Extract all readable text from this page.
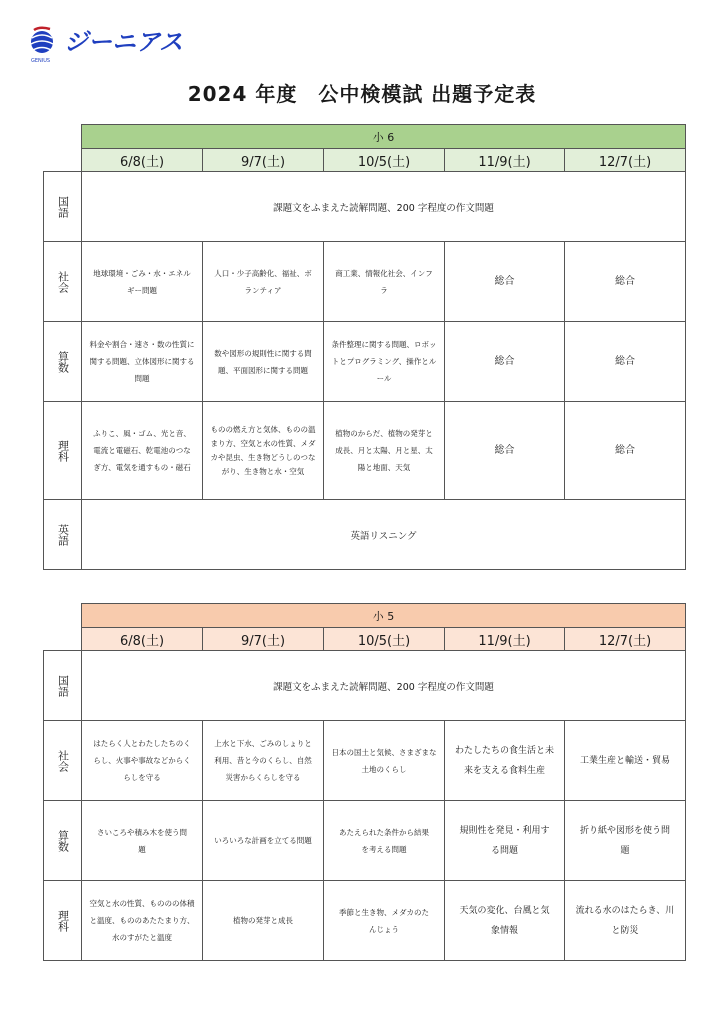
ジーニアス
GENIUS
2024 年度　公中検模試 出題予定表
	小 6				
	6/8(土)	9/7(土)	10/5(土)	11/9(土)	12/7(土)
国語	課題文をふまえた読解問題、200 字程度の作文問題				
社会	地球環境・ごみ・水・エネルギー問題	人口・少子高齢化、福祉、ボランティア	商工業、情報化社会、インフラ	総合	総合
算数	料金や割合・速さ・数の性質に関する問題、立体図形に関する問題	数や図形の規則性に関する問題、平面図形に関する問題	条件整理に関する問題、ロボットとプログラミング、操作とルール	総合	総合
理科	ふりこ、風・ゴム、光と音、電流と電磁石、乾電池のつなぎ方、電気を通すもの・磁石	ものの燃え方と気体、ものの温まり方、空気と水の性質、メダカや昆虫、生き物どうしのつながり、生き物と水・空気	植物のからだ、植物の発芽と成長、月と太陽、月と星、太陽と地面、天気	総合	総合
英語	英語リスニング				
	小 5				
	6/8(土)	9/7(土)	10/5(土)	11/9(土)	12/7(土)
国語	課題文をふまえた読解問題、200 字程度の作文問題				
社会	はたらく人とわたしたちのくらし、火事や事故などからくらしを守る	上水と下水、ごみのしょりと利用、昔と今のくらし、自然災害からくらしを守る	日本の国土と気候、さまざまな土地のくらし	わたしたちの食生活と未来を支える食料生産	工業生産と輸送・貿易
算数	さいころや積み木を使う問題	いろいろな計画を立てる問題	あたえられた条件から結果を考える問題	規則性を発見・利用する問題	折り紙や図形を使う問題
理科	空気と水の性質、もののの体積と温度、もののあたたまり方、水のすがたと温度	植物の発芽と成長	季節と生き物、メダカのたんじょう	天気の変化、台風と気象情報	流れる水のはたらき、川と防災
